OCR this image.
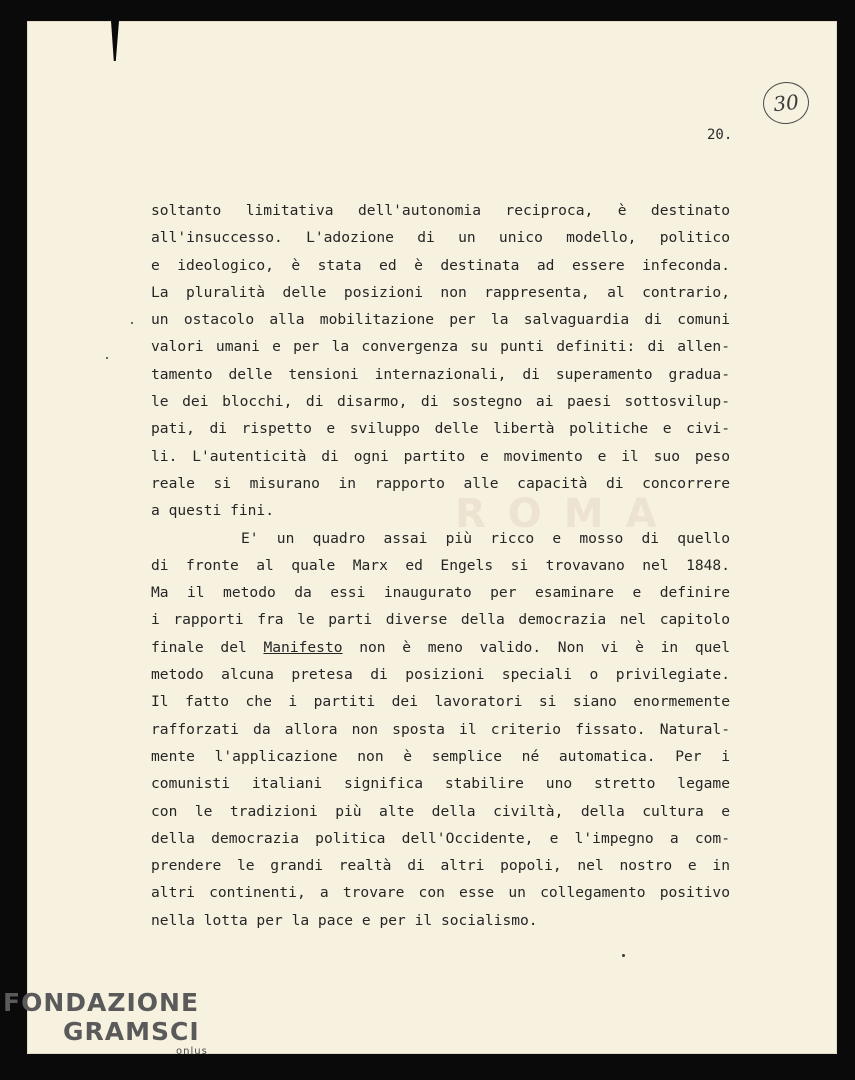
30
20.
ROMA
soltanto limitativa dell'autonomia reciproca, è destinato
all'insuccesso. L'adozione di un unico modello, politico
e ideologico, è stata ed è destinata ad essere infeconda.
La pluralità delle posizioni non rappresenta, al contrario,
un ostacolo alla mobilitazione per la salvaguardia di comuni
valori umani e per la convergenza su punti definiti: di allen-
tamento delle tensioni internazionali, di superamento gradua-
le dei blocchi, di disarmo, di sostegno ai paesi sottosvilup-
pati, di rispetto e sviluppo delle libertà politiche e civi-
li. L'autenticità di ogni partito e movimento e il suo peso
reale si misurano in rapporto alle capacità di concorrere
a questi fini.
E' un quadro assai più ricco e mosso di quello
di fronte al quale Marx ed Engels si trovavano nel 1848.
Ma il metodo da essi inaugurato per esaminare e definire
i rapporti fra le parti diverse della democrazia nel capitolo
finale del Manifesto non è meno valido. Non vi è in quel
metodo alcuna pretesa di posizioni speciali o privilegiate.
Il fatto che i partiti dei lavoratori si siano enormemente
rafforzati da allora non sposta il criterio fissato. Natural-
mente l'applicazione non è semplice né automatica. Per i
comunisti italiani significa stabilire uno stretto legame
con le tradizioni più alte della civiltà, della cultura e
della democrazia politica dell'Occidente, e l'impegno a com-
prendere le grandi realtà di altri popoli, nel nostro e in
altri continenti, a trovare con esse un collegamento positivo
nella lotta per la pace e per il socialismo.
FONDAZIONE
GRAMSCI
onlus
